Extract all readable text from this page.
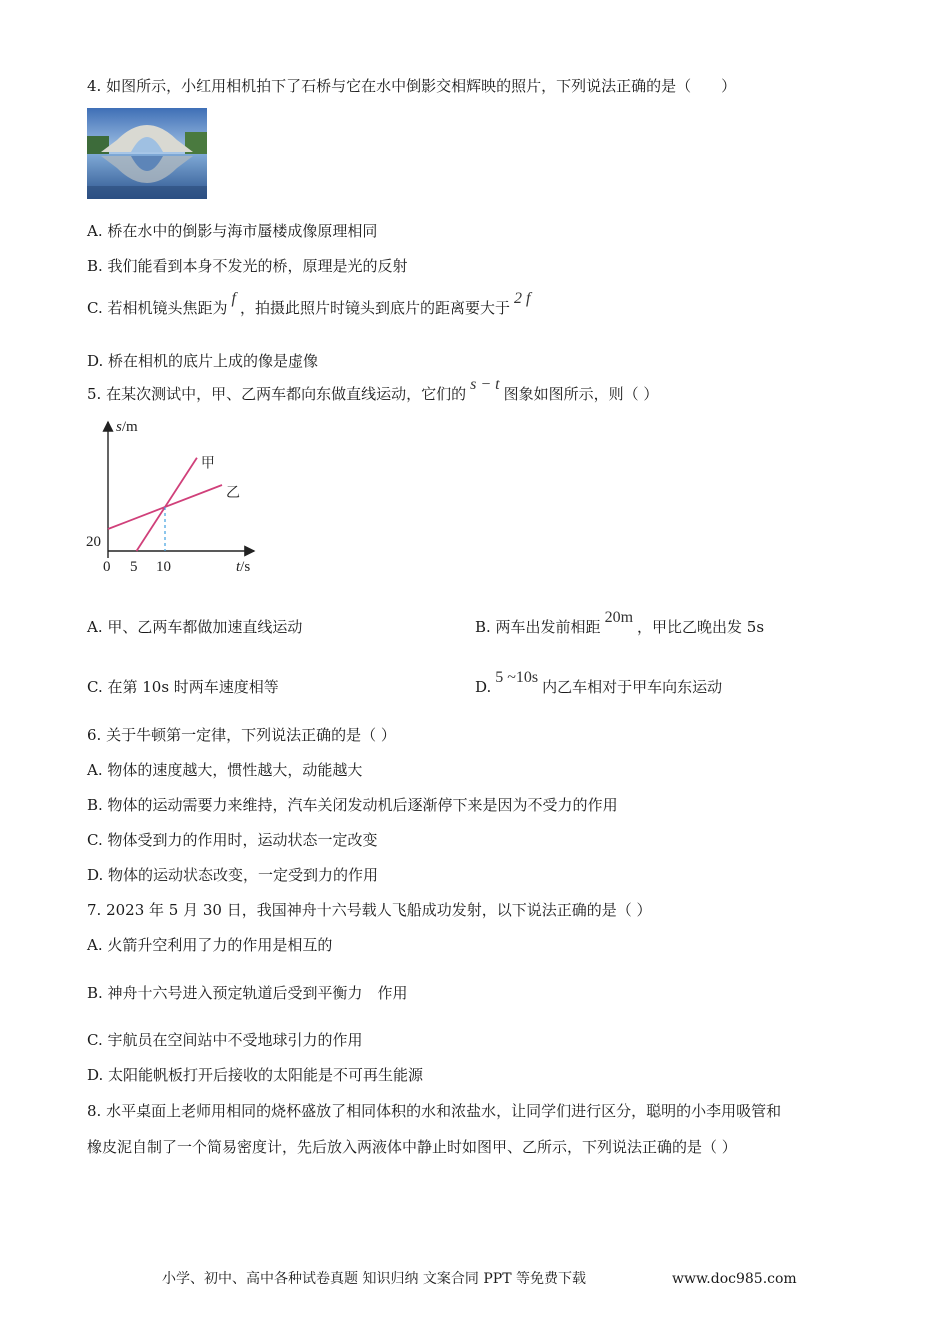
4. 如图所示，小红用相机拍下了石桥与它在水中倒影交相辉映的照片，下列说法正确的是（　　）
A. 桥在水中的倒影与海市蜃楼成像原理相同
B. 我们能看到本身不发光的桥，原理是光的反射
C. 若相机镜头焦距为f，拍摄此照片时镜头到底片的距离要大于2 f
D. 桥在相机的底片上成的像是虚像
5. 在某次测试中，甲、乙两车都向东做直线运动，它们的s − t图象如图所示，则（ ）
s/m
t/s
20
0 5 10
甲
乙
A. 甲、乙两车都做加速直线运动	B. 两车出发前相距20m，甲比乙晚出发 5s
C. 在第 10s 时两车速度相等	D.5 ~10s内乙车相对于甲车向东运动
6. 关于牛顿第一定律，下列说法正确的是（ ）
A. 物体的速度越大，惯性越大，动能越大
B. 物体的运动需要力来维持，汽车关闭发动机后逐渐停下来是因为不受力的作用
C. 物体受到力的作用时，运动状态一定改变
D. 物体的运动状态改变，一定受到力的作用
7. 2023 年 5 月 30 日，我国神舟十六号载人飞船成功发射，以下说法正确的是（ ）
A. 火箭升空利用了力的作用是相互的
B. 神舟十六号进入预定轨道后受到平衡力　作用
C. 宇航员在空间站中不受地球引力的作用
D. 太阳能帆板打开后接收的太阳能是不可再生能源
8. 水平桌面上老师用相同的烧杯盛放了相同体积的水和浓盐水，让同学们进行区分，聪明的小李用吸管和
橡皮泥自制了一个简易密度计，先后放入两液体中静止时如图甲、乙所示，下列说法正确的是（ ）
小学、初中、高中各种试卷真题 知识归纳 文案合同 PPT 等免费下载	www.doc985.com
